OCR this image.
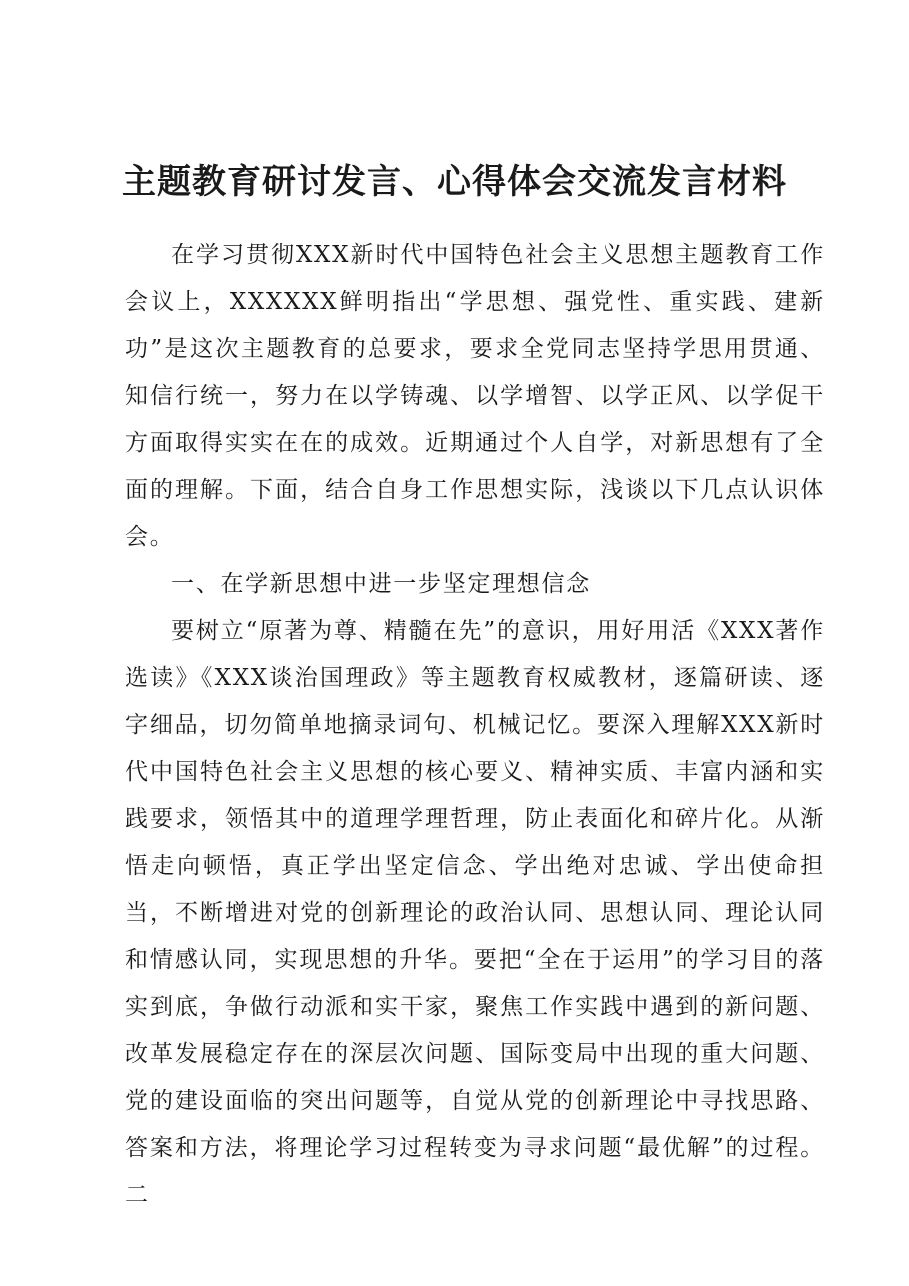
主题教育研讨发言、心得体会交流发言材料

在学习贯彻XXX新时代中国特色社会主义思想主题教育工作会议上，XXXXXX鲜明指出“学思想、强党性、重实践、建新功”是这次主题教育的总要求，要求全党同志坚持学思用贯通、知信行统一，努力在以学铸魂、以学增智、以学正风、以学促干方面取得实实在在的成效。近期通过个人自学，对新思想有了全面的理解。下面，结合自身工作思想实际，浅谈以下几点认识体会。

一、在学新思想中进一步坚定理想信念

要树立“原著为尊、精髓在先”的意识，用好用活《XXX著作选读》《XXX谈治国理政》等主题教育权威教材，逐篇研读、逐字细品，切勿简单地摘录词句、机械记忆。要深入理解XXX新时代中国特色社会主义思想的核心要义、精神实质、丰富内涵和实践要求，领悟其中的道理学理哲理，防止表面化和碎片化。从渐悟走向顿悟，真正学出坚定信念、学出绝对忠诚、学出使命担当，不断增进对党的创新理论的政治认同、思想认同、理论认同和情感认同，实现思想的升华。要把“全在于运用”的学习目的落实到底，争做行动派和实干家，聚焦工作实践中遇到的新问题、改革发展稳定存在的深层次问题、国际变局中出现的重大问题、党的建设面临的突出问题等，自觉从党的创新理论中寻找思路、答案和方法，将理论学习过程转变为寻求问题“最优解”的过程。二
